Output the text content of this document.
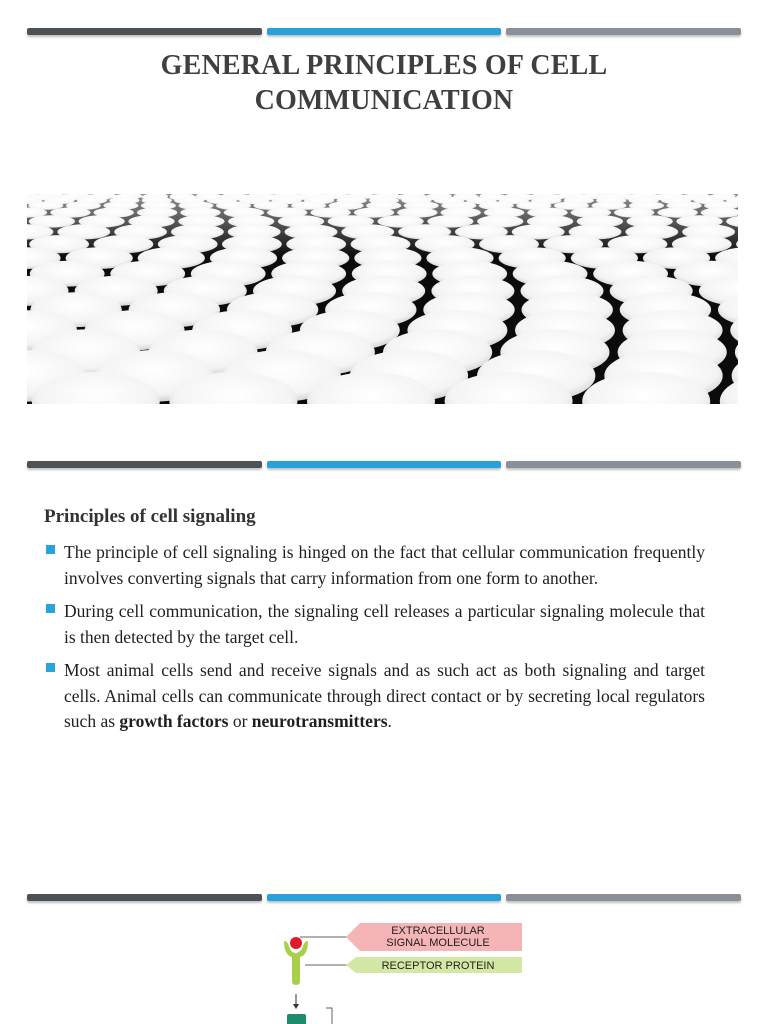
GENERAL PRINCIPLES OF CELL
COMMUNICATION
Principles of cell signaling
The principle of cell signaling is hinged on the fact that cellular communication frequently involves converting signals that carry information from one form to another.
During cell communication, the signaling cell releases a particular signaling molecule that is then detected by the target cell.
Most animal cells send and receive signals and as such act as both signaling and target cells. Animal cells can communicate through direct contact or by secreting local regulators such as growth factors or neurotransmitters.
EXTRACELLULAR
SIGNAL MOLECULE
RECEPTOR PROTEIN
